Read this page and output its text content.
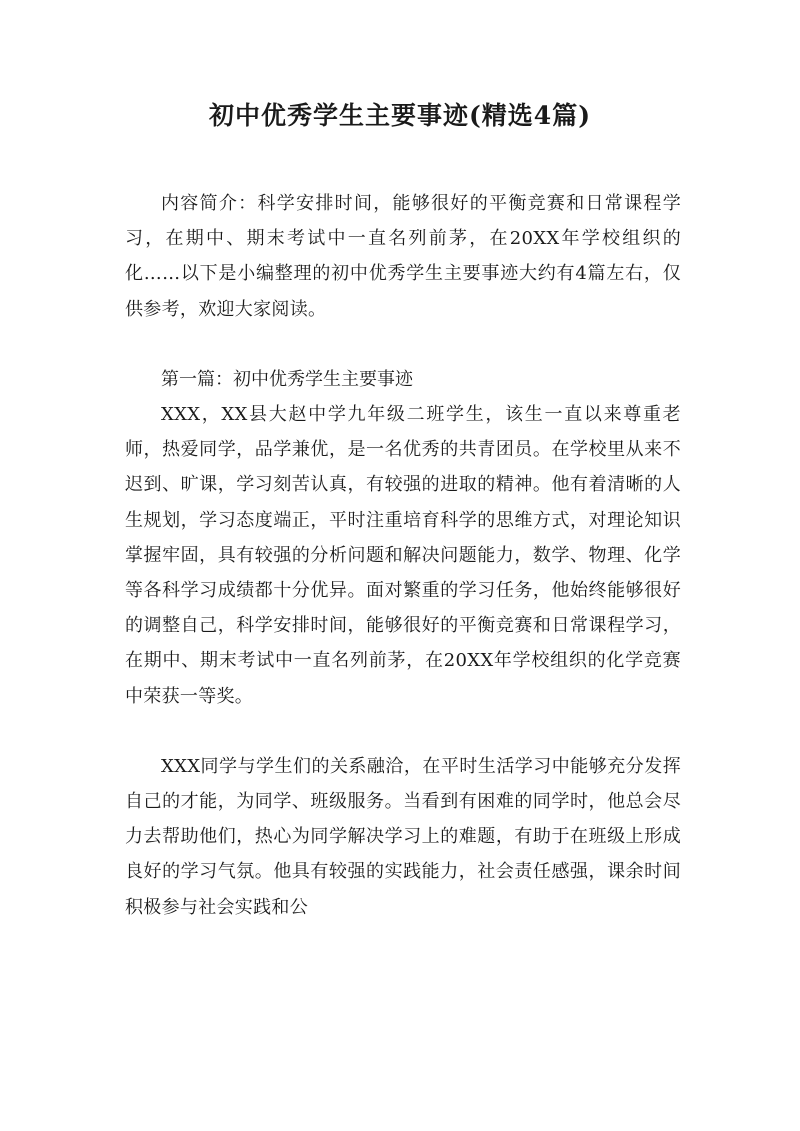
初中优秀学生主要事迹(精选4篇)

内容简介：科学安排时间，能够很好的平衡竞赛和日常课程学习，在期中、期末考试中一直名列前茅，在20XX年学校组织的化……以下是小编整理的初中优秀学生主要事迹大约有4篇左右，仅供参考，欢迎大家阅读。

第一篇：初中优秀学生主要事迹

XXX，XX县大赵中学九年级二班学生，该生一直以来尊重老师，热爱同学，品学兼优，是一名优秀的共青团员。在学校里从来不迟到、旷课，学习刻苦认真，有较强的进取的精神。他有着清晰的人生规划，学习态度端正，平时注重培育科学的思维方式，对理论知识掌握牢固，具有较强的分析问题和解决问题能力，数学、物理、化学等各科学习成绩都十分优异。面对繁重的学习任务，他始终能够很好的调整自己，科学安排时间，能够很好的平衡竞赛和日常课程学习，在期中、期末考试中一直名列前茅，在20XX年学校组织的化学竞赛中荣获一等奖。

XXX同学与学生们的关系融洽，在平时生活学习中能够充分发挥自己的才能，为同学、班级服务。当看到有困难的同学时，他总会尽力去帮助他们，热心为同学解决学习上的难题，有助于在班级上形成良好的学习气氛。他具有较强的实践能力，社会责任感强，课余时间积极参与社会实践和公
